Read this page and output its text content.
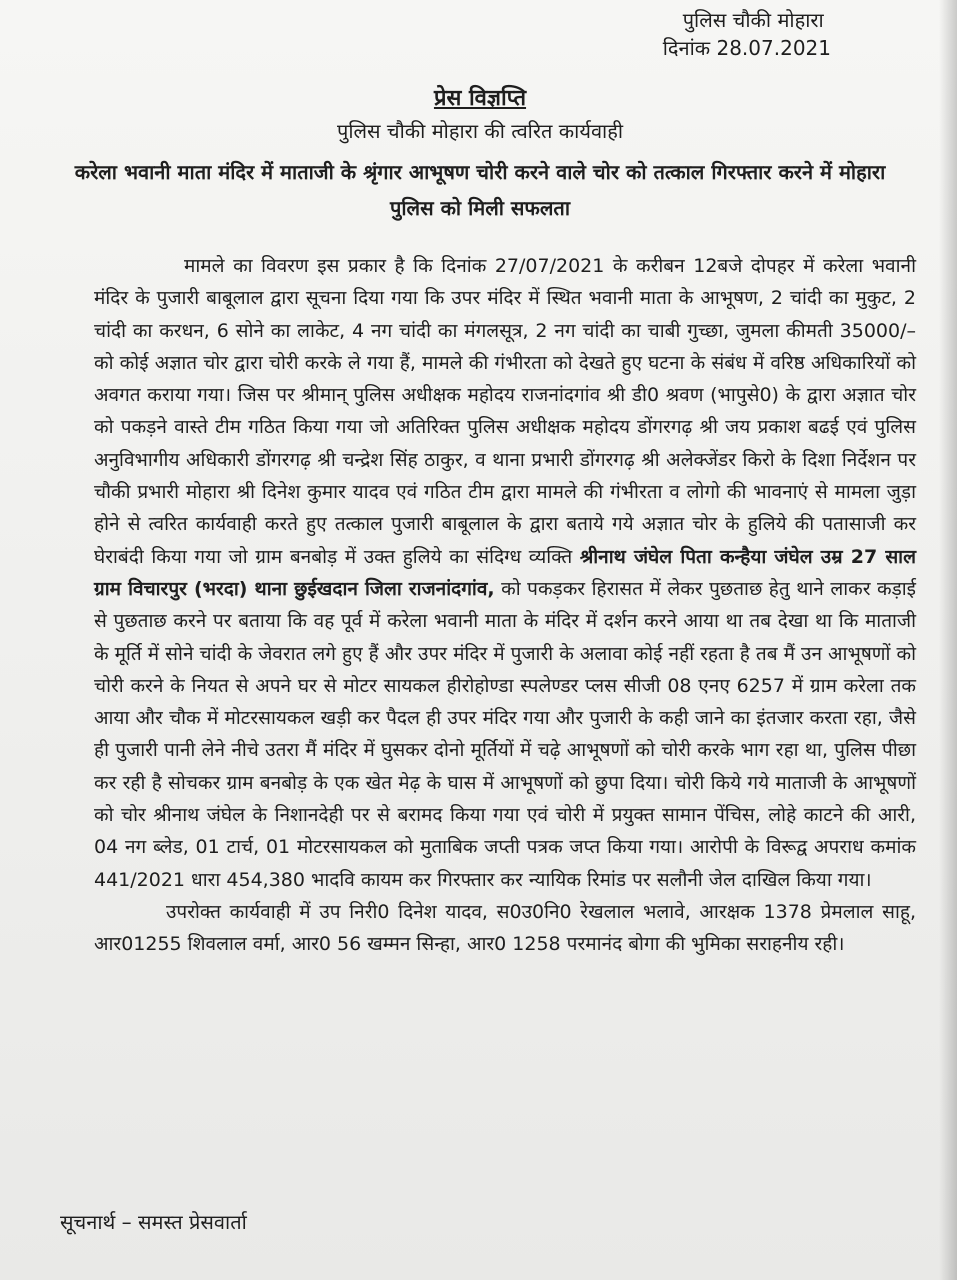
पुलिस चौकी मोहारा
दिनांक 28.07.2021
प्रेस विज्ञप्ति
पुलिस चौकी मोहारा की त्वरित कार्यवाही
करेला भवानी माता मंदिर में माताजी के श्रृंगार आभूषण चोरी करने वाले चोर को तत्काल गिरफ्तार करने में मोहारा पुलिस को मिली सफलता

मामले का विवरण इस प्रकार है कि दिनांक 27/07/2021 के करीबन 12बजे दोपहर में करेला भवानी मंदिर के पुजारी बाबूलाल द्वारा सूचना दिया गया कि उपर मंदिर में स्थित भवानी माता के आभूषण, 2 चांदी का मुकुट, 2 चांदी का करधन, 6 सोने का लाकेट, 4 नग चांदी का मंगलसूत्र, 2 नग चांदी का चाबी गुच्छा, जुमला कीमती 35000/– को कोई अज्ञात चोर द्वारा चोरी करके ले गया हैं, मामले की गंभीरता को देखते हुए घटना के संबंध में वरिष्ठ अधिकारियों को अवगत कराया गया। जिस पर श्रीमान् पुलिस अधीक्षक महोदय राजनांदगांव श्री डी0 श्रवण (भापुसे0) के द्वारा अज्ञात चोर को पकड़ने वास्ते टीम गठित किया गया जो अतिरिक्त पुलिस अधीक्षक महोदय डोंगरगढ़ श्री जय प्रकाश बढई एवं पुलिस अनुविभागीय अधिकारी डोंगरगढ़ श्री चन्द्रेश सिंह ठाकुर, व थाना प्रभारी डोंगरगढ़ श्री अलेक्जेंडर किरो के दिशा निर्देशन पर चौकी प्रभारी मोहारा श्री दिनेश कुमार यादव एवं गठित टीम द्वारा मामले की गंभीरता व लोगो की भावनाएं से मामला जुड़ा होने से त्वरित कार्यवाही करते हुए तत्काल पुजारी बाबूलाल के द्वारा बताये गये अज्ञात चोर के हुलिये की पतासाजी कर घेराबंदी किया गया जो ग्राम बनबोड़ में उक्त हुलिये का संदिग्ध व्यक्ति श्रीनाथ जंघेल पिता कन्हैया जंघेल उम्र 27 साल ग्राम विचारपुर (भरदा) थाना छुईखदान जिला राजनांदगांव, को पकड़कर हिरासत में लेकर पुछताछ हेतु थाने लाकर कड़ाई से पुछताछ करने पर बताया कि वह पूर्व में करेला भवानी माता के मंदिर में दर्शन करने आया था तब देखा था कि माताजी के मूर्ति में सोने चांदी के जेवरात लगे हुए हैं और उपर मंदिर में पुजारी के अलावा कोई नहीं रहता है तब मैं उन आभूषणों को चोरी करने के नियत से अपने घर से मोटर सायकल हीरोहोण्डा स्पलेण्डर प्लस सीजी 08 एनए 6257 में ग्राम करेला तक आया और चौक में मोटरसायकल खड़ी कर पैदल ही उपर मंदिर गया और पुजारी के कही जाने का इंतजार करता रहा, जैसे ही पुजारी पानी लेने नीचे उतरा मैं मंदिर में घुसकर दोनो मूर्तियों में चढ़े आभूषणों को चोरी करके भाग रहा था, पुलिस पीछा कर रही है सोचकर ग्राम बनबोड़ के एक खेत मेढ़ के घास में आभूषणों को छुपा दिया। चोरी किये गये माताजी के आभूषणों को चोर श्रीनाथ जंघेल के निशानदेही पर से बरामद किया गया एवं चोरी में प्रयुक्त सामान पेंचिस, लोहे काटने की आरी, 04 नग ब्लेड, 01 टार्च, 01 मोटरसायकल को मुताबिक जप्ती पत्रक जप्त किया गया। आरोपी के विरूद्व अपराध कमांक 441/2021 धारा 454,380 भादवि कायम कर गिरफ्तार कर न्यायिक रिमांड पर सलौनी जेल दाखिल किया गया।

उपरोक्त कार्यवाही में उप निरी0 दिनेश यादव, स0उ0नि0 रेखलाल भलावे, आरक्षक 1378 प्रेमलाल साहू, आर01255 शिवलाल वर्मा, आर0 56 खम्मन सिन्हा, आर0 1258 परमानंद बोगा की भुमिका सराहनीय रही।

सूचनार्थ – समस्त प्रेसवार्ता
